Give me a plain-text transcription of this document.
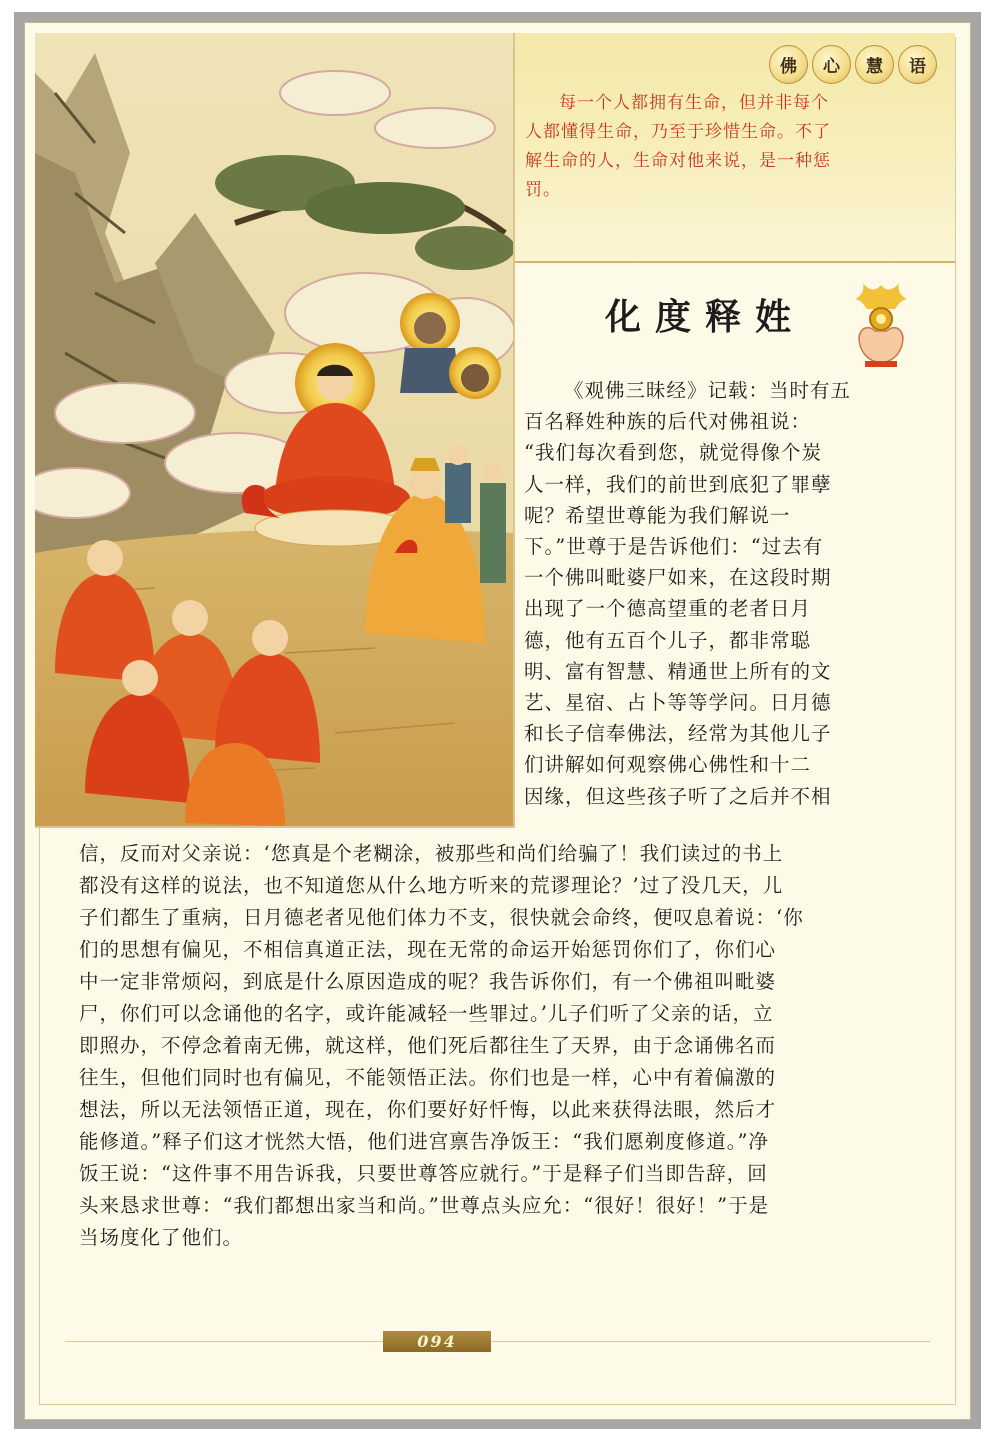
佛	心	慧	语
化度释姓
每一个人都拥有生命，但并非每个
人都懂得生命，乃至于珍惜生命。不了
解生命的人，生命对他来说，是一种惩
罚。
《观佛三昧经》记载：当时有五
百名释姓种族的后代对佛祖说：
“我们每次看到您，就觉得像个炭
人一样，我们的前世到底犯了罪孽
呢？希望世尊能为我们解说一
下。”世尊于是告诉他们：“过去有
一个佛叫毗婆尸如来，在这段时期
出现了一个德高望重的老者日月
德，他有五百个儿子，都非常聪
明、富有智慧、精通世上所有的文
艺、星宿、占卜等等学问。日月德
和长子信奉佛法，经常为其他儿子
们讲解如何观察佛心佛性和十二
因缘，但这些孩子听了之后并不相
信，反而对父亲说：‘您真是个老糊涂，被那些和尚们给骗了！我们读过的书上
都没有这样的说法，也不知道您从什么地方听来的荒谬理论？’过了没几天，儿
子们都生了重病，日月德老者见他们体力不支，很快就会命终，便叹息着说：‘你
们的思想有偏见，不相信真道正法，现在无常的命运开始惩罚你们了，你们心
中一定非常烦闷，到底是什么原因造成的呢？我告诉你们，有一个佛祖叫毗婆
尸，你们可以念诵他的名字，或许能减轻一些罪过。’儿子们听了父亲的话，立
即照办，不停念着南无佛，就这样，他们死后都往生了天界，由于念诵佛名而
往生，但他们同时也有偏见，不能领悟正法。你们也是一样，心中有着偏激的
想法，所以无法领悟正道，现在，你们要好好忏悔，以此来获得法眼，然后才
能修道。”释子们这才恍然大悟，他们进宫禀告净饭王：“我们愿剃度修道。”净
饭王说：“这件事不用告诉我，只要世尊答应就行。”于是释子们当即告辞，回
头来恳求世尊：“我们都想出家当和尚。”世尊点头应允：“很好！很好！”于是
当场度化了他们。
094
